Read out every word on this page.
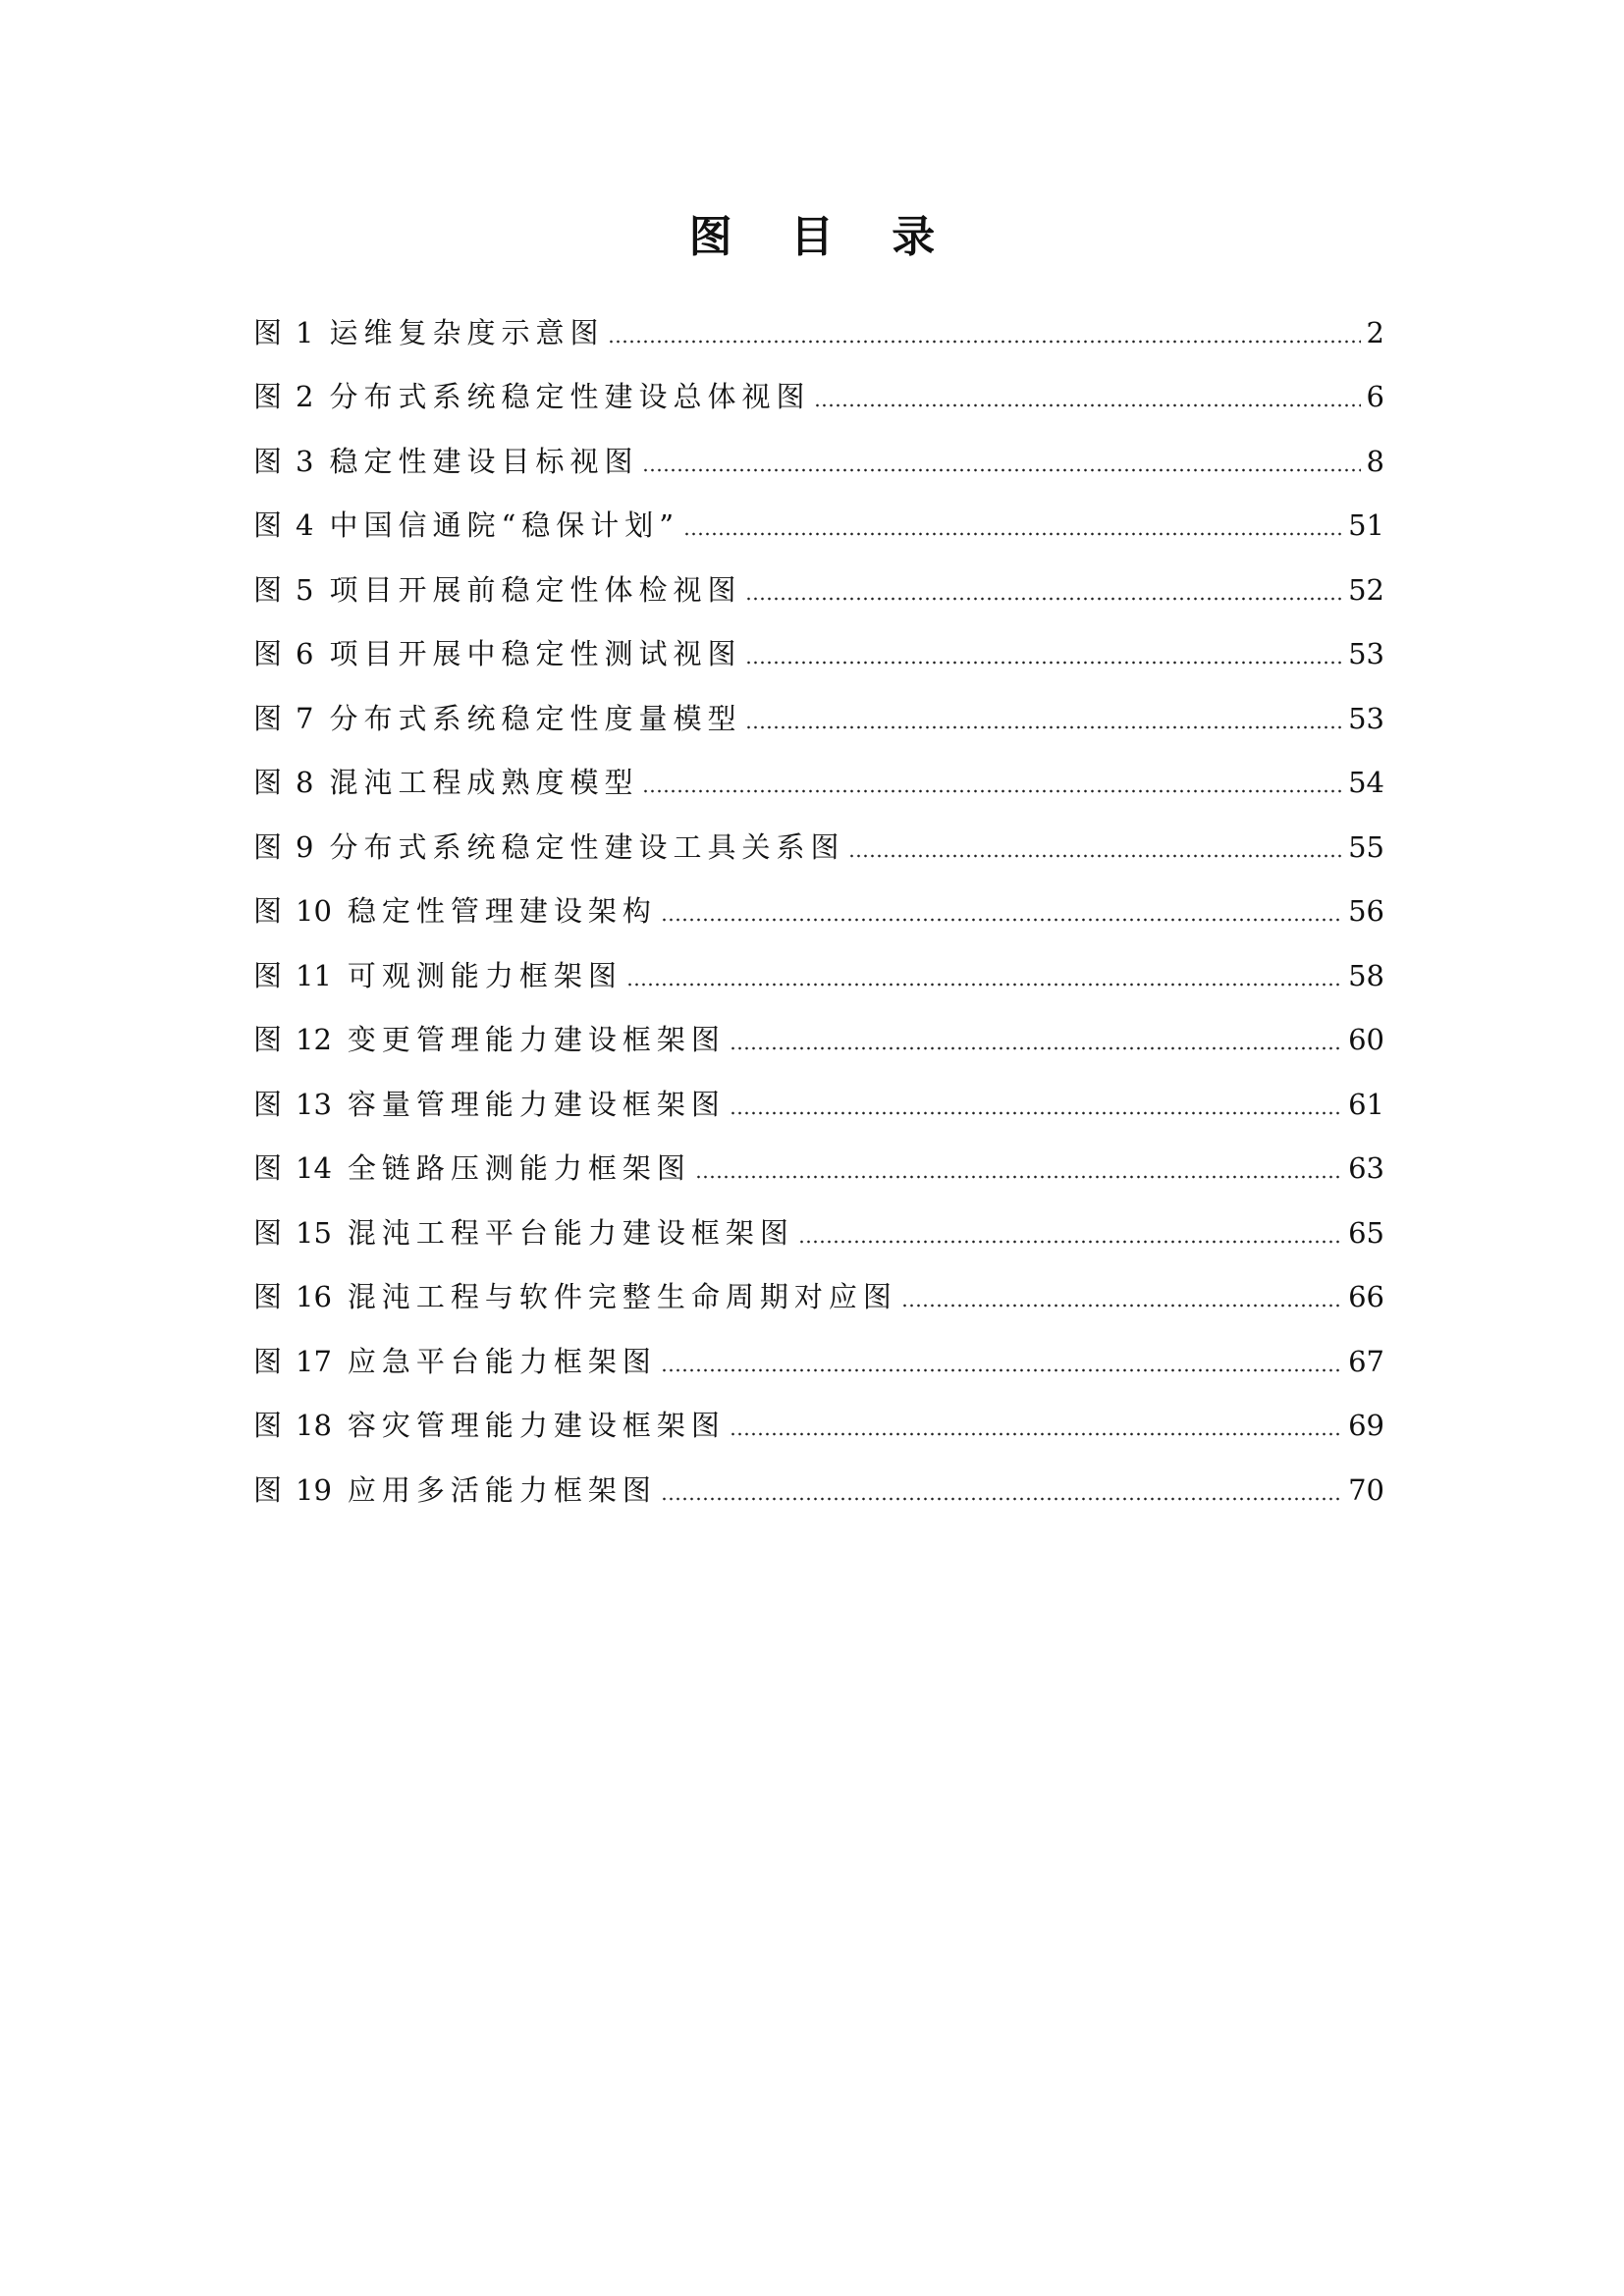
图 目 录
图 1 运维复杂度示意图	2
图 2 分布式系统稳定性建设总体视图	6
图 3 稳定性建设目标视图	8
图 4 中国信通院“稳保计划”	51
图 5 项目开展前稳定性体检视图	52
图 6 项目开展中稳定性测试视图	53
图 7 分布式系统稳定性度量模型	53
图 8 混沌工程成熟度模型	54
图 9 分布式系统稳定性建设工具关系图	55
图 10 稳定性管理建设架构	56
图 11 可观测能力框架图	58
图 12 变更管理能力建设框架图	60
图 13 容量管理能力建设框架图	61
图 14 全链路压测能力框架图	63
图 15 混沌工程平台能力建设框架图	65
图 16 混沌工程与软件完整生命周期对应图	66
图 17 应急平台能力框架图	67
图 18 容灾管理能力建设框架图	69
图 19 应用多活能力框架图	70
